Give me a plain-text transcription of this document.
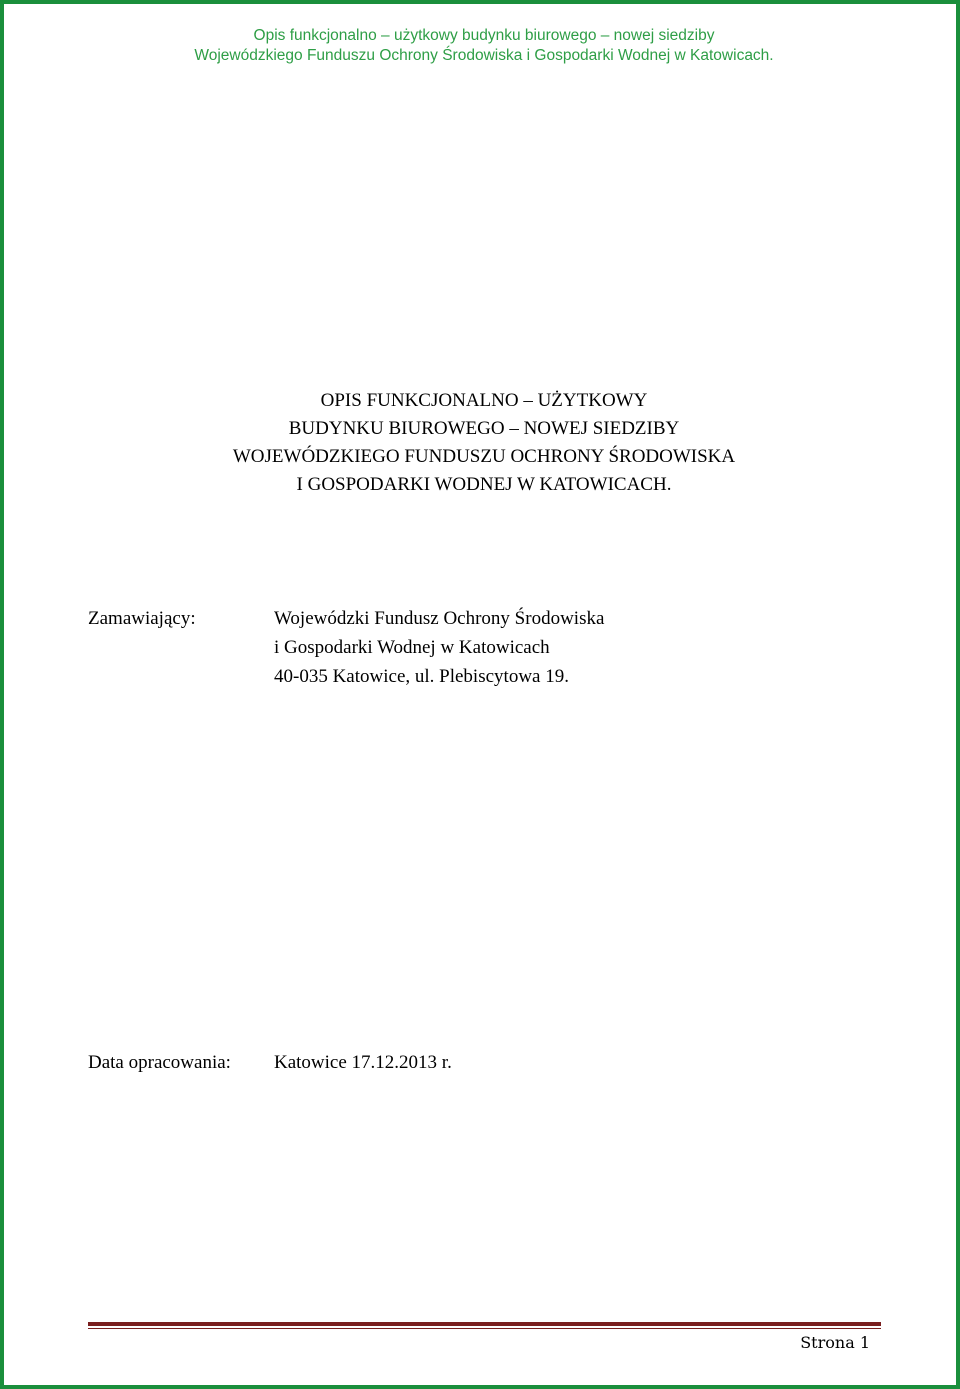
Opis funkcjonalno – użytkowy budynku biurowego – nowej siedziby
Wojewódzkiego Funduszu Ochrony Środowiska i Gospodarki Wodnej w Katowicach.
OPIS FUNKCJONALNO – UŻYTKOWY
BUDYNKU BIUROWEGO – NOWEJ SIEDZIBY
WOJEWÓDZKIEGO FUNDUSZU OCHRONY ŚRODOWISKA
I GOSPODARKI WODNEJ W KATOWICACH.
Zamawiający:	Wojewódzki Fundusz Ochrony Środowiska
i Gospodarki Wodnej w Katowicach
40-035 Katowice, ul. Plebiscytowa 19.
Data opracowania: Katowice 17.12.2013 r.
Strona 1
